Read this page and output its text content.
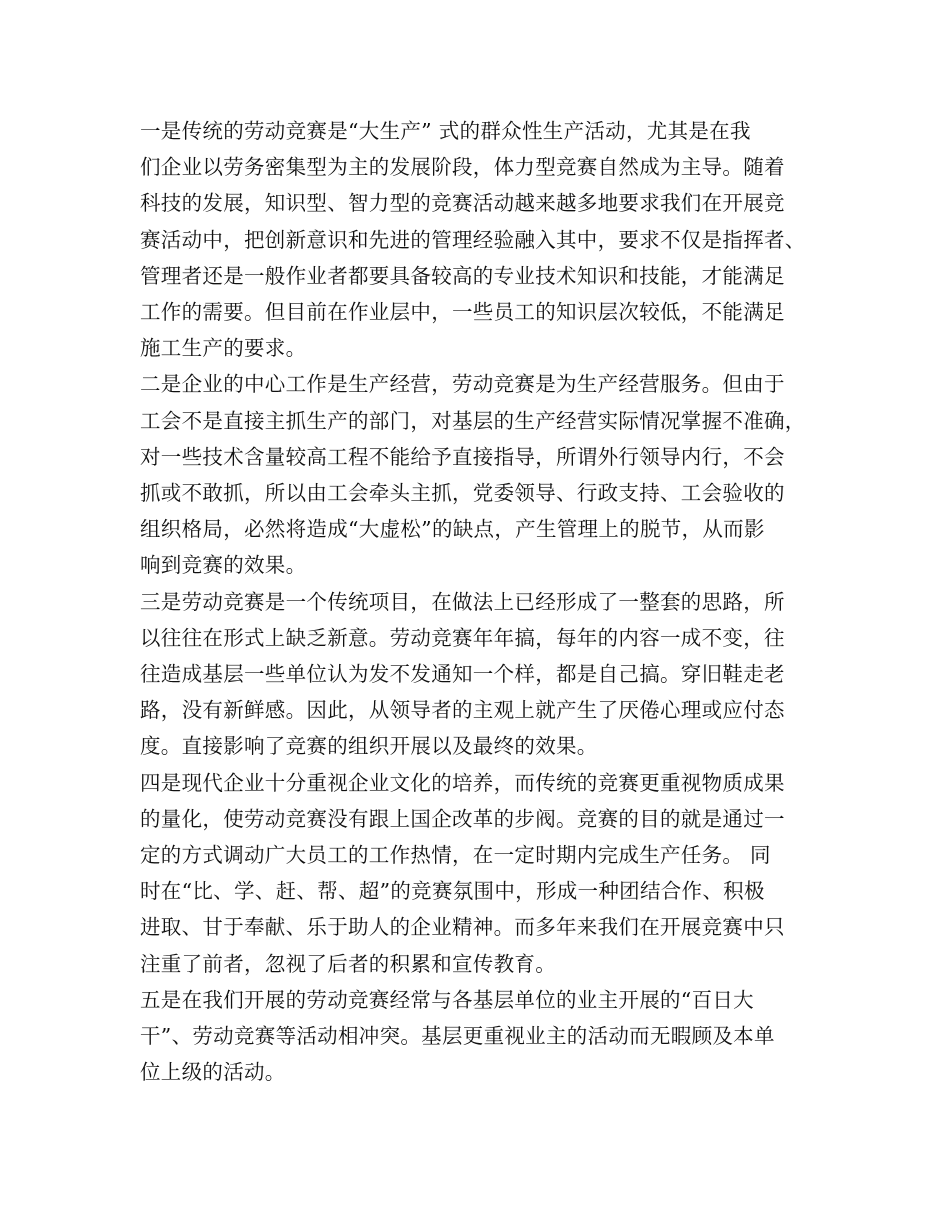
一是传统的劳动竞赛是“大生产” 式的群众性生产活动，尤其是在我
们企业以劳务密集型为主的发展阶段，体力型竞赛自然成为主导。随着
科技的发展，知识型、智力型的竞赛活动越来越多地要求我们在开展竞
赛活动中，把创新意识和先进的管理经验融入其中，要求不仅是指挥者、
管理者还是一般作业者都要具备较高的专业技术知识和技能，才能满足
工作的需要。但目前在作业层中，一些员工的知识层次较低，不能满足
施工生产的要求。

二是企业的中心工作是生产经营，劳动竞赛是为生产经营服务。但由于
工会不是直接主抓生产的部门，对基层的生产经营实际情况掌握不准确，
对一些技术含量较高工程不能给予直接指导，所谓外行领导内行，不会
抓或不敢抓，所以由工会牵头主抓，党委领导、行政支持、工会验收的
组织格局，必然将造成“大虚松”的缺点，产生管理上的脱节，从而影
响到竞赛的效果。

三是劳动竞赛是一个传统项目，在做法上已经形成了一整套的思路，所
以往往在形式上缺乏新意。劳动竞赛年年搞，每年的内容一成不变，往
往造成基层一些单位认为发不发通知一个样，都是自己搞。穿旧鞋走老
路，没有新鲜感。因此，从领导者的主观上就产生了厌倦心理或应付态
度。直接影响了竞赛的组织开展以及最终的效果。

四是现代企业十分重视企业文化的培养，而传统的竞赛更重视物质成果
的量化，使劳动竞赛没有跟上国企改革的步阀。竞赛的目的就是通过一
定的方式调动广大员工的工作热情，在一定时期内完成生产任务。 同
时在“比、学、赶、帮、超”的竞赛氛围中，形成一种团结合作、积极
进取、甘于奉献、乐于助人的企业精神。而多年来我们在开展竞赛中只
注重了前者，忽视了后者的积累和宣传教育。

五是在我们开展的劳动竞赛经常与各基层单位的业主开展的“百日大
干”、劳动竞赛等活动相冲突。基层更重视业主的活动而无暇顾及本单
位上级的活动。
